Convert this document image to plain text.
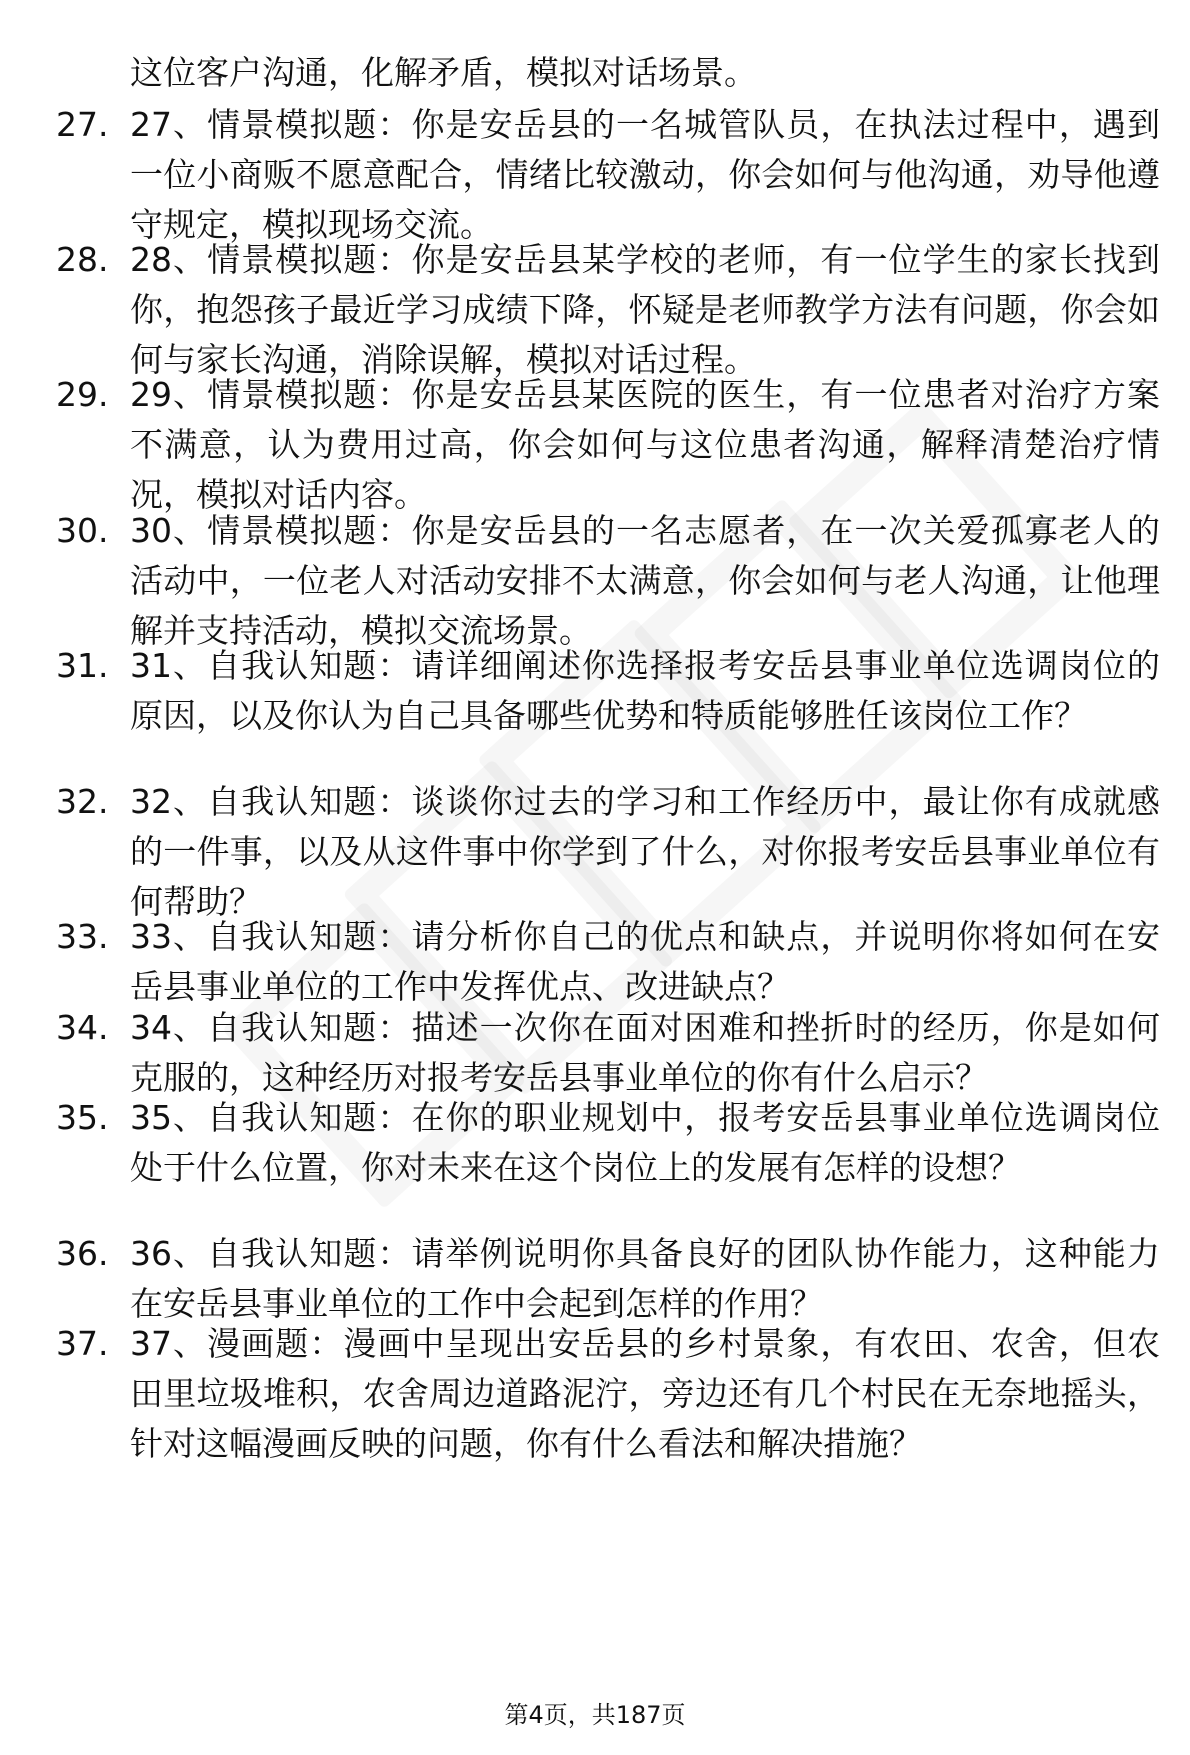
这位客户沟通，化解矛盾，模拟对话场景。
27. 27、情景模拟题：你是安岳县的一名城管队员，在执法过程中，遇到一位小商贩不愿意配合，情绪比较激动，你会如何与他沟通，劝导他遵守规定，模拟现场交流。
28. 28、情景模拟题：你是安岳县某学校的老师，有一位学生的家长找到你，抱怨孩子最近学习成绩下降，怀疑是老师教学方法有问题，你会如何与家长沟通，消除误解，模拟对话过程。
29. 29、情景模拟题：你是安岳县某医院的医生，有一位患者对治疗方案不满意，认为费用过高，你会如何与这位患者沟通，解释清楚治疗情况，模拟对话内容。
30. 30、情景模拟题：你是安岳县的一名志愿者，在一次关爱孤寡老人的活动中，一位老人对活动安排不太满意，你会如何与老人沟通，让他理解并支持活动，模拟交流场景。
31. 31、自我认知题：请详细阐述你选择报考安岳县事业单位选调岗位的原因，以及你认为自己具备哪些优势和特质能够胜任该岗位工作？
32. 32、自我认知题：谈谈你过去的学习和工作经历中，最让你有成就感的一件事，以及从这件事中你学到了什么，对你报考安岳县事业单位有何帮助？
33. 33、自我认知题：请分析你自己的优点和缺点，并说明你将如何在安岳县事业单位的工作中发挥优点、改进缺点？
34. 34、自我认知题：描述一次你在面对困难和挫折时的经历，你是如何克服的，这种经历对报考安岳县事业单位的你有什么启示？
35. 35、自我认知题：在你的职业规划中，报考安岳县事业单位选调岗位处于什么位置，你对未来在这个岗位上的发展有怎样的设想？
36. 36、自我认知题：请举例说明你具备良好的团队协作能力，这种能力在安岳县事业单位的工作中会起到怎样的作用？
37. 37、漫画题：漫画中呈现出安岳县的乡村景象，有农田、农舍，但农田里垃圾堆积，农舍周边道路泥泞，旁边还有几个村民在无奈地摇头，针对这幅漫画反映的问题，你有什么看法和解决措施？
第4页，共187页
